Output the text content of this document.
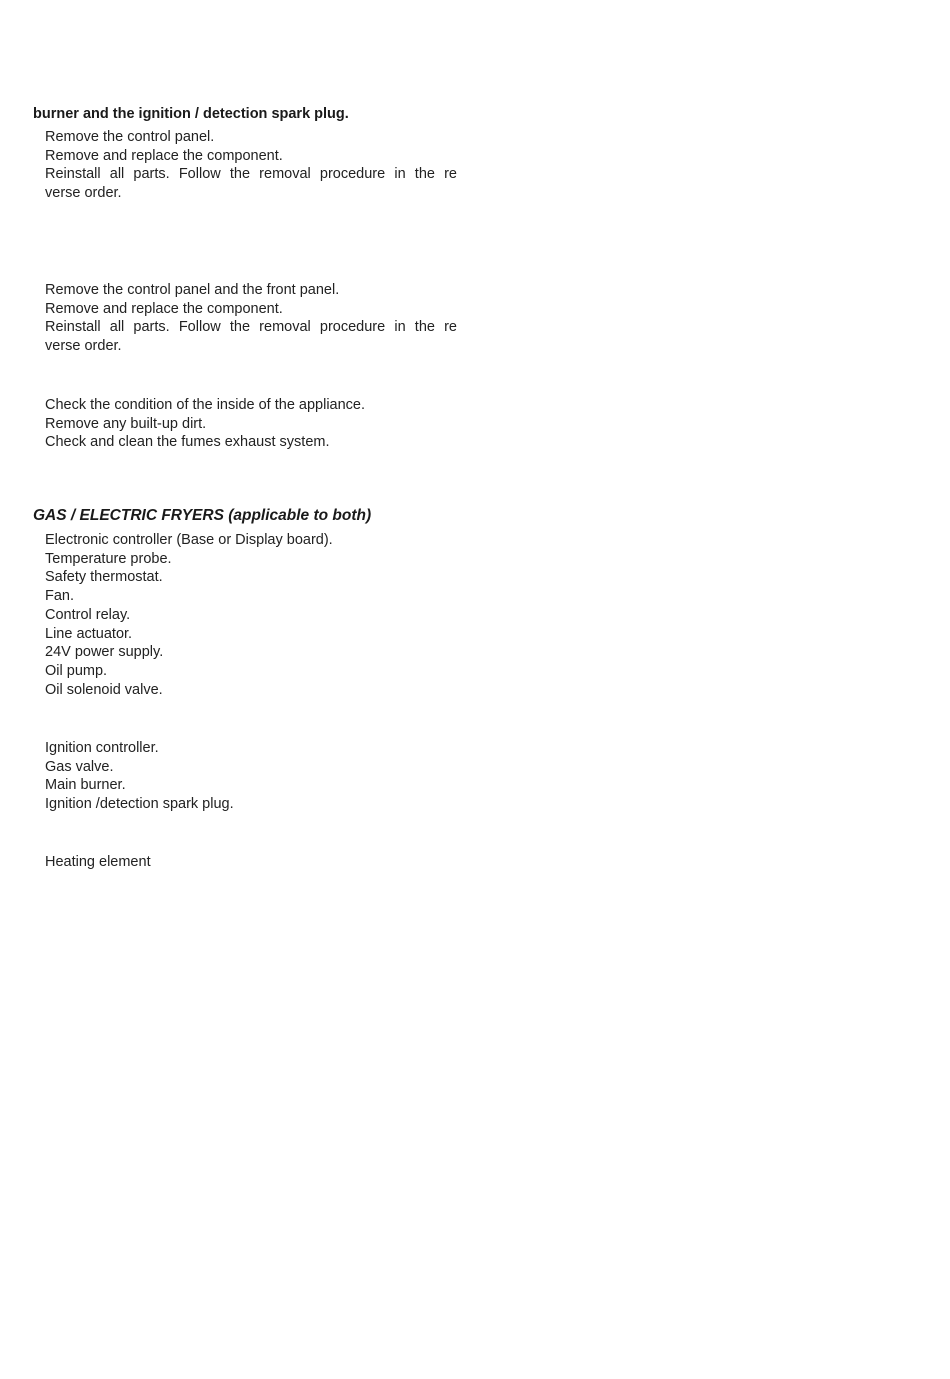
burner and the ignition / detection spark plug.
Remove the control panel.
Remove and replace the component.
Reinstall all parts. Follow the removal procedure in the re
verse order.
Remove the control panel and the front panel.
Remove and replace the component.
Reinstall all parts. Follow the removal procedure in the re
verse order.
Check the condition of the inside of the appliance.
Remove any built-up dirt.
Check and clean the fumes exhaust system.
GAS / ELECTRIC FRYERS (applicable to both)
Electronic controller (Base or Display board).
Temperature probe.
Safety thermostat.
Fan.
Control relay.
Line actuator.
24V power supply.
Oil pump.
Oil solenoid valve.
Ignition controller.
Gas valve.
Main burner.
Ignition /detection spark plug.
Heating element
